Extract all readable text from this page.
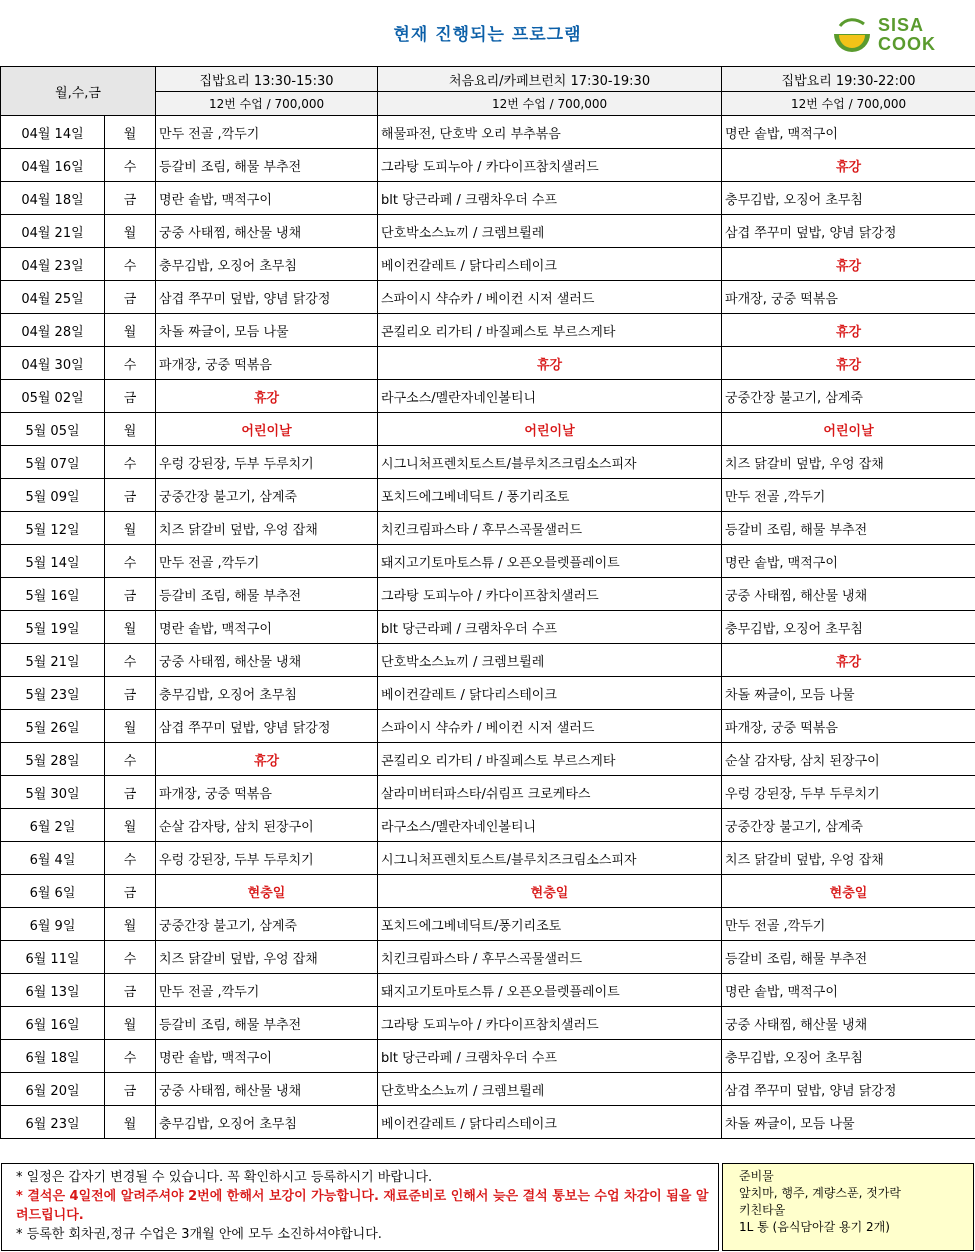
현재 진행되는 프로그램	SISA
COOK
월,수,금		집밥요리 13:30-15:30	처음요리/카페브런치 17:30-19:30	집밥요리 19:30-22:00
		12번 수업 / 700,000	12번 수업 / 700,000	12번 수업 / 700,000
04월 14일	월	만두 전골 ,깍두기	해물파전, 단호박 오리 부추볶음	명란 솥밥, 맥적구이
04월 16일	수	등갈비 조림, 해물 부추전	그라탕 도피누아 / 카다이프참치샐러드	휴강
04월 18일	금	명란 솥밥, 맥적구이	blt 당근라페 / 크램차우더 수프	충무김밥, 오징어 초무침
04월 21일	월	궁중 사태찜, 해산물 냉채	단호박소스뇨끼 / 크렘브륄레	삼겹 쭈꾸미 덮밥, 양념 닭강정
04월 23일	수	충무김밥, 오징어 초무침	베이컨갈레트 / 닭다리스테이크	휴강
04월 25일	금	삼겹 쭈꾸미 덮밥, 양념 닭강정	스파이시 샥슈카 / 베이컨 시저 샐러드	파개장, 궁중 떡볶음
04월 28일	월	차돌 짜글이, 모듬 나물	콘킬리오 리가티 / 바질페스토 부르스게타	휴강
04월 30일	수	파개장, 궁중 떡볶음	휴강	휴강
05월 02일	금	휴강	라구소스/멜란자네인볼티니	궁중간장 불고기, 삼계죽
5월 05일	월	어린이날	어린이날	어린이날
5월 07일	수	우렁 강된장, 두부 두루치기	시그니처프렌치토스트/블루치즈크림소스피자	치즈 닭갈비 덮밥, 우엉 잡채
5월 09일	금	궁중간장 불고기, 삼계죽	포치드에그베네딕트 / 풍기리조토	만두 전골 ,깍두기
5월 12일	월	치즈 닭갈비 덮밥, 우엉 잡채	치킨크림파스타 / 후무스곡물샐러드	등갈비 조림, 해물 부추전
5월 14일	수	만두 전골 ,깍두기	돼지고기토마토스튜 / 오픈오믈렛플레이트	명란 솥밥, 맥적구이
5월 16일	금	등갈비 조림, 해물 부추전	그라탕 도피누아 / 카다이프참치샐러드	궁중 사태찜, 해산물 냉채
5월 19일	월	명란 솥밥, 맥적구이	blt 당근라페 / 크램차우더 수프	충무김밥, 오징어 초무침
5월 21일	수	궁중 사태찜, 해산물 냉채	단호박소스뇨끼 / 크렘브륄레	휴강
5월 23일	금	충무김밥, 오징어 초무침	베이컨갈레트 / 닭다리스테이크	차돌 짜글이, 모듬 나물
5월 26일	월	삼겹 쭈꾸미 덮밥, 양념 닭강정	스파이시 샥슈카 / 베이컨 시저 샐러드	파개장, 궁중 떡볶음
5월 28일	수	휴강	콘킬리오 리가티 / 바질페스토 부르스게타	순살 감자탕, 삼치 된장구이
5월 30일	금	파개장, 궁중 떡볶음	살라미버터파스타/쉬림프 크로케타스	우렁 강된장, 두부 두루치기
6월 2일	월	순살 감자탕, 삼치 된장구이	라구소스/멜란자네인볼티니	궁중간장 불고기, 삼계죽
6월 4일	수	우렁 강된장, 두부 두루치기	시그니처프렌치토스트/블루치즈크림소스피자	치즈 닭갈비 덮밥, 우엉 잡채
6월 6일	금	현충일	현충일	현충일
6월 9일	월	궁중간장 불고기, 삼계죽	포치드에그베네딕트/풍기리조토	만두 전골 ,깍두기
6월 11일	수	치즈 닭갈비 덮밥, 우엉 잡채	치킨크림파스타 / 후무스곡물샐러드	등갈비 조림, 해물 부추전
6월 13일	금	만두 전골 ,깍두기	돼지고기토마토스튜 / 오픈오믈렛플레이트	명란 솥밥, 맥적구이
6월 16일	월	등갈비 조림, 해물 부추전	그라탕 도피누아 / 카다이프참치샐러드	궁중 사태찜, 해산물 냉채
6월 18일	수	명란 솥밥, 맥적구이	blt 당근라페 / 크램차우더 수프	충무김밥, 오징어 초무침
6월 20일	금	궁중 사태찜, 해산물 냉채	단호박소스뇨끼 / 크렘브륄레	삼겹 쭈꾸미 덮밥, 양념 닭강정
6월 23일	월	충무김밥, 오징어 초무침	베이컨갈레트 / 닭다리스테이크	차돌 짜글이, 모듬 나물
* 일정은 갑자기 변경될 수 있습니다. 꼭 확인하시고 등록하시기 바랍니다.
* 결석은 4일전에 알려주셔야 2번에 한해서 보강이 가능합니다. 재료준비로 인해서 늦은 결석 통보는 수업 차감이 됨을 알려드립니다.
* 등록한 회차권,정규 수업은 3개월 안에 모두 소진하셔야합니다.
준비물
앞치마, 행주, 계량스푼, 젓가락
키친타올
1L 통 (음식담아갈 용기 2개)
